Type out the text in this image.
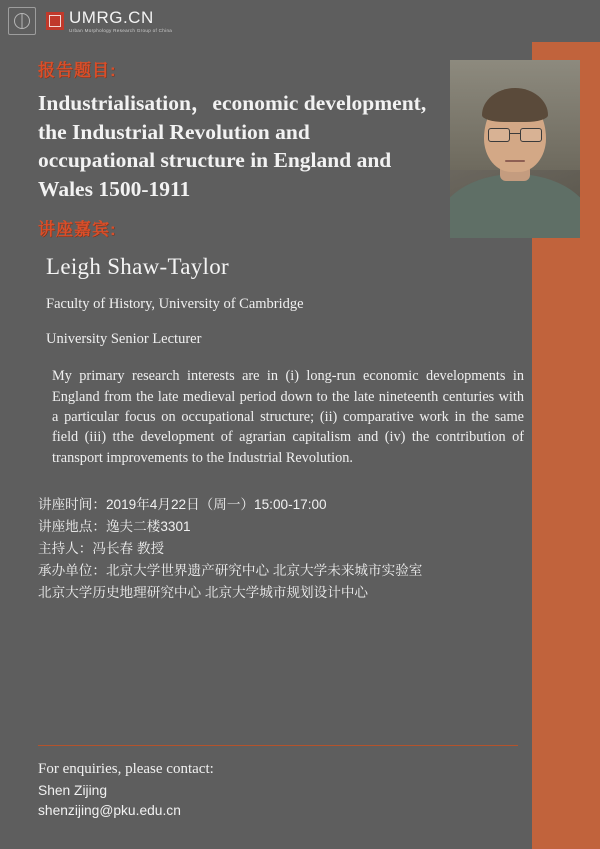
UMRG.CN
Urban Morphology Research Group of China

报告题目:

Industrialisation，economic development, the Industrial Revolution and occupational structure in England and Wales 1500-1911

讲座嘉宾:

Leigh Shaw-Taylor
Faculty of History, University of Cambridge
University Senior Lecturer

My primary research interests are in (i) long-run economic developments in England from the late medieval period down to the late nineteenth centuries with a particular focus on occupational structure; (ii) comparative work in the same field (iii) tthe development of agrarian capitalism and (iv) the contribution of transport improvements to the Industrial Revolution.

讲座时间：2019年4月22日（周一）15:00-17:00
讲座地点：逸夫二楼3301
主持人：冯长春 教授
承办单位：北京大学世界遗产研究中心 北京大学未来城市实验室
北京大学历史地理研究中心 北京大学城市规划设计中心
For enquiries, please contact:
Shen Zijing
shenzijing@pku.edu.cn
